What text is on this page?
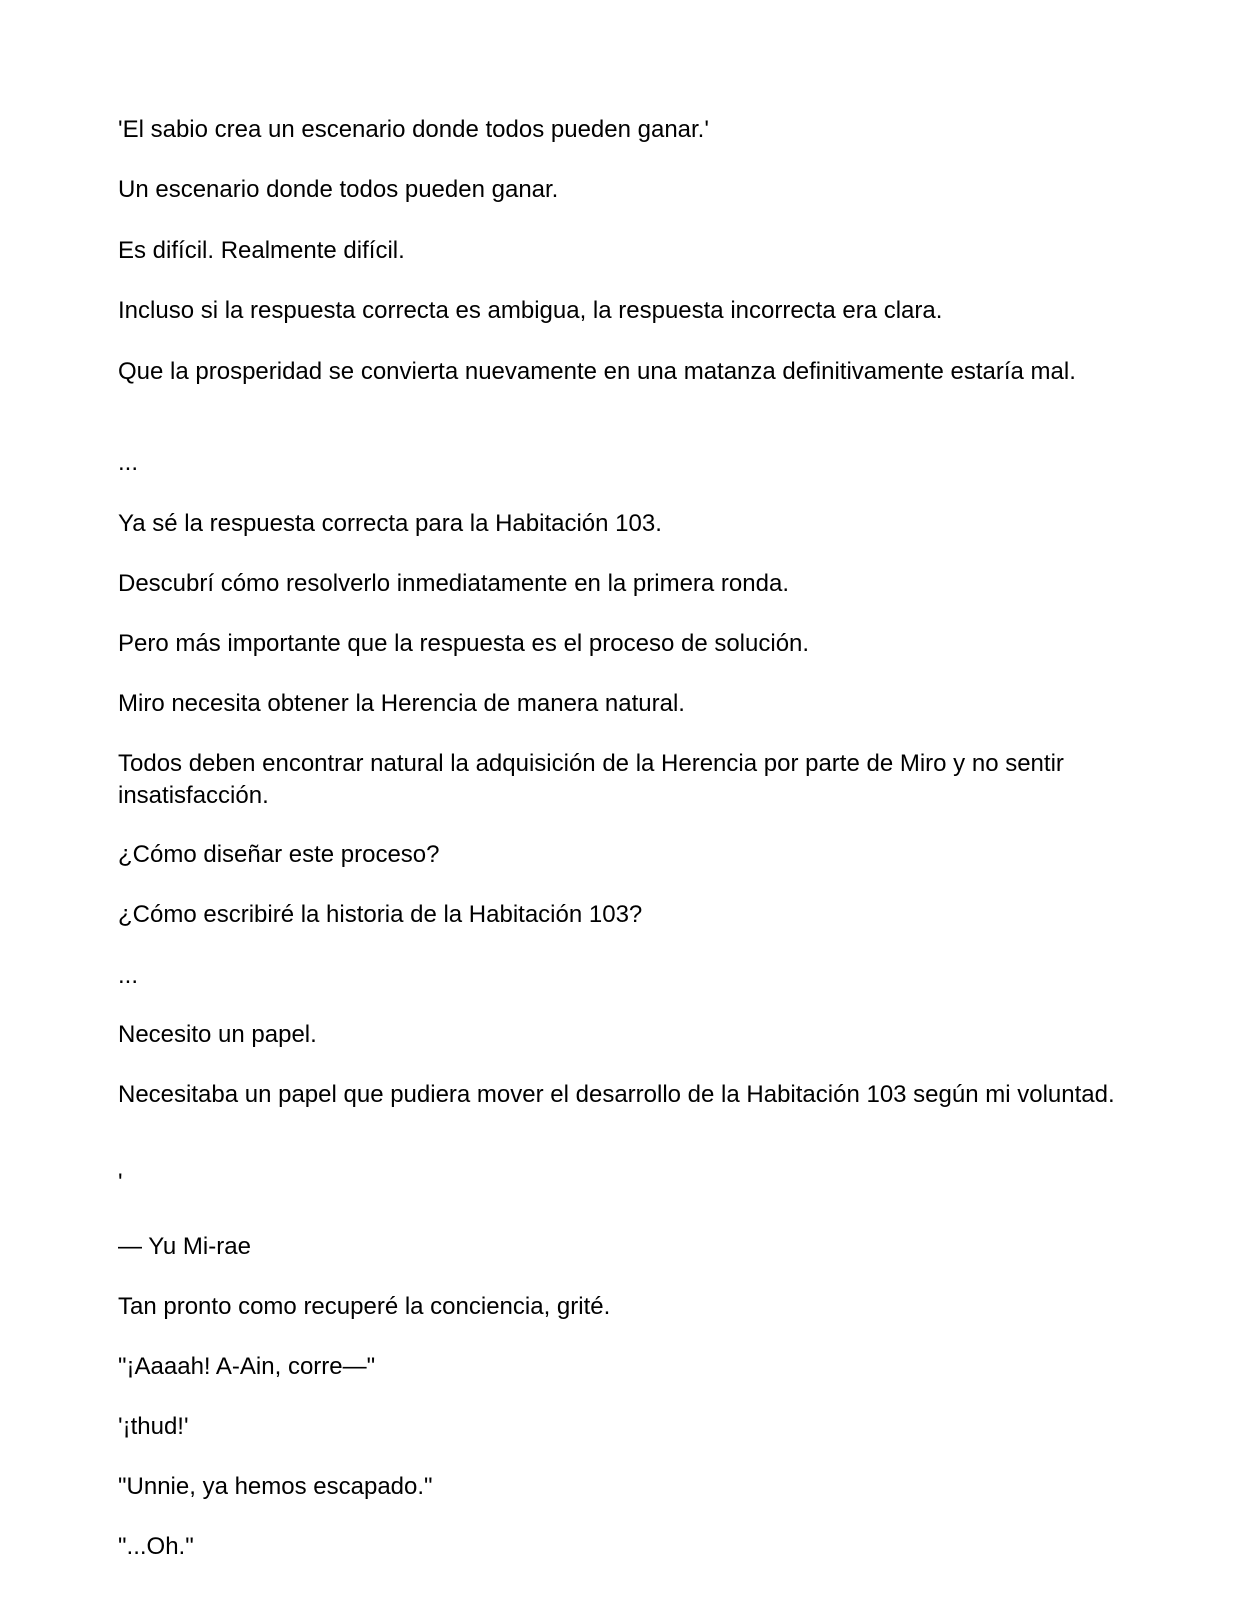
'El sabio crea un escenario donde todos pueden ganar.'

Un escenario donde todos pueden ganar.

Es difícil. Realmente difícil.

Incluso si la respuesta correcta es ambigua, la respuesta incorrecta era clara.

Que la prosperidad se convierta nuevamente en una matanza definitivamente estaría mal.

...

Ya sé la respuesta correcta para la Habitación 103.

Descubrí cómo resolverlo inmediatamente en la primera ronda.

Pero más importante que la respuesta es el proceso de solución.

Miro necesita obtener la Herencia de manera natural.

Todos deben encontrar natural la adquisición de la Herencia por parte de Miro y no sentir insatisfacción.

¿Cómo diseñar este proceso?

¿Cómo escribiré la historia de la Habitación 103?

...

Necesito un papel.

Necesitaba un papel que pudiera mover el desarrollo de la Habitación 103 según mi voluntad.

'

— Yu Mi-rae

Tan pronto como recuperé la conciencia, grité.

"¡Aaaah! A-Ain, corre—"

'¡thud!'

"Unnie, ya hemos escapado."

"...Oh."
